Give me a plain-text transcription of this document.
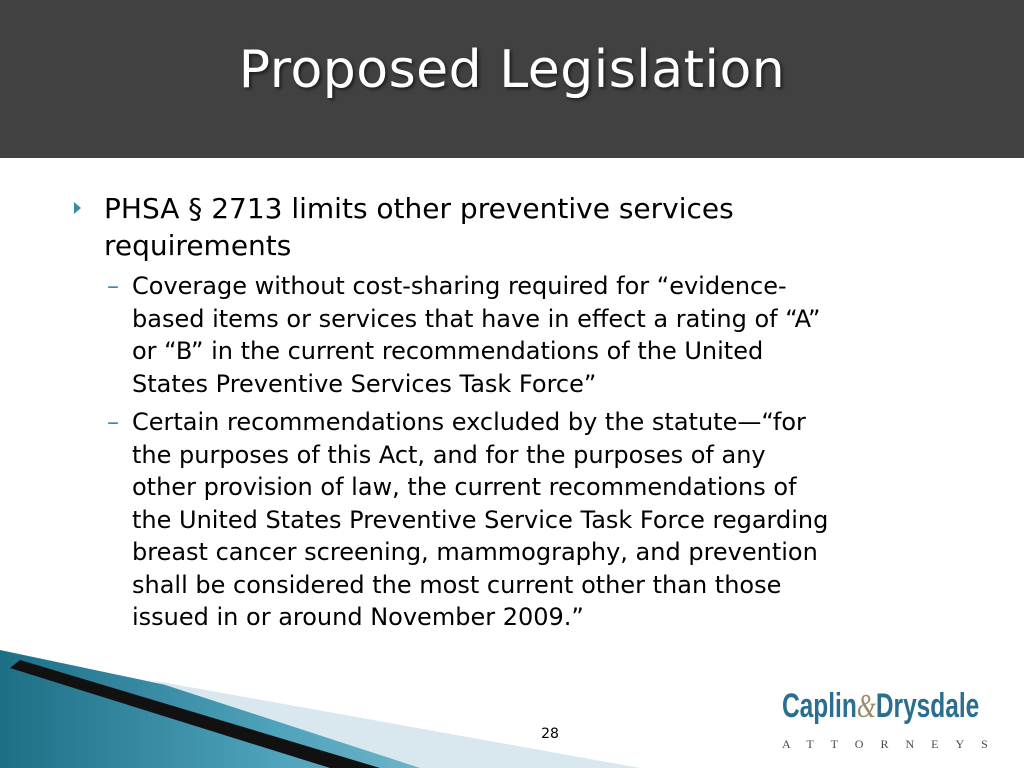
Proposed Legislation
PHSA § 2713 limits other preventive services
requirements
– Coverage without cost-sharing required for “evidence-
based items or services that have in effect a rating of “A”
or “B” in the current recommendations of the United
States Preventive Services Task Force”
– Certain recommendations excluded by the statute—“for
the purposes of this Act, and for the purposes of any
other provision of law, the current recommendations of
the United States Preventive Service Task Force regarding
breast cancer screening, mammography, and prevention
shall be considered the most current other than those
issued in or around November 2009.”
28
Caplin&Drysdale
ATTORNEYS
